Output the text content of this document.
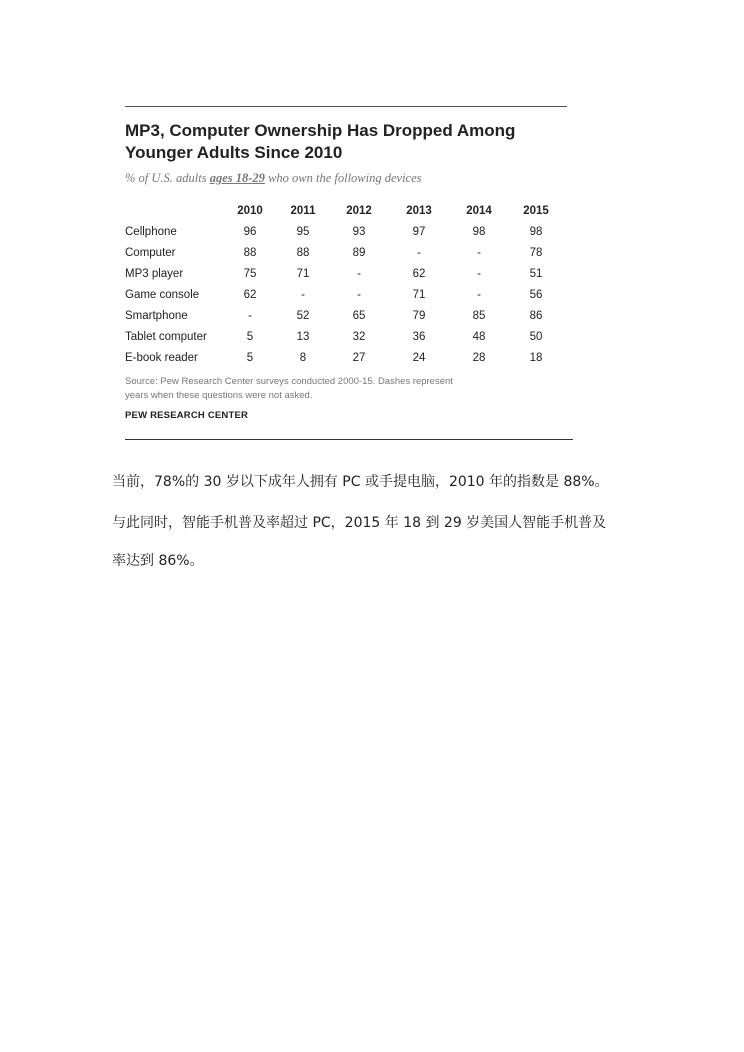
MP3, Computer Ownership Has Dropped Among
Younger Adults Since 2010
% of U.S. adults ages 18-29 who own the following devices
	2010	2011	2012	2013	2014	2015
Cellphone	96	95	93	97	98	98
Computer	88	88	89	-	-	78
MP3 player	75	71	-	62	-	51
Game console	62	-	-	71	-	56
Smartphone	-	52	65	79	85	86
Tablet computer	5	13	32	36	48	50
E-book reader	5	8	27	24	28	18
Source: Pew Research Center surveys conducted 2000-15. Dashes represent
years when these questions were not asked.
PEW RESEARCH CENTER
当前，78%的 30 岁以下成年人拥有 PC 或手提电脑，2010 年的指数是 88%。
与此同时，智能手机普及率超过 PC，2015 年 18 到 29 岁美国人智能手机普及
率达到 86%。
